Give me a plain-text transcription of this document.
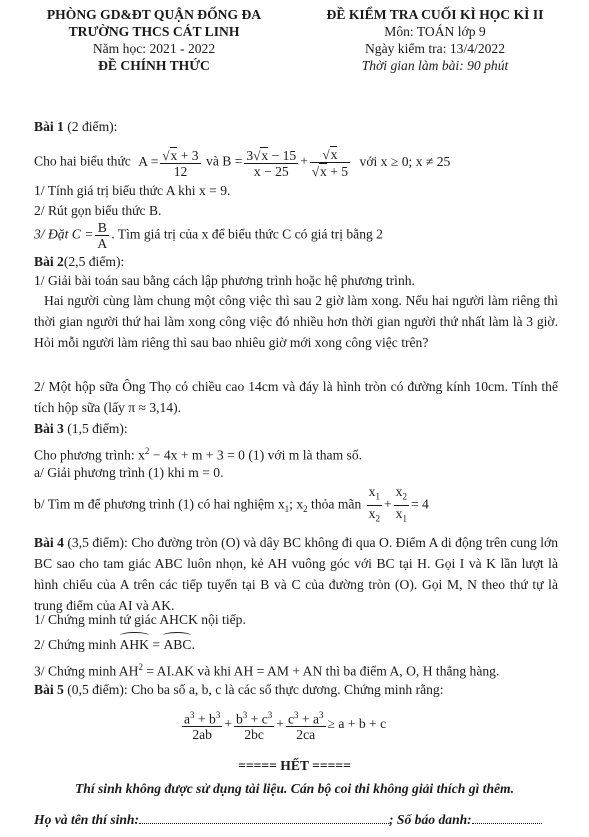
PHÒNG GD&ĐT QUẬN ĐỐNG ĐA
TRƯỜNG THCS CÁT LINH
Năm học: 2021 - 2022
ĐỀ CHÍNH THỨC
ĐỀ KIỂM TRA CUỐI KÌ HỌC KÌ II
Môn: TOÁN lớp 9
Ngày kiểm tra: 13/4/2022
Thời gian làm bài: 90 phút
Bài 1 (2 điểm):
Cho hai biểu thức $A = \frac{√x + 3}{12}$ và $B = \frac{3√x - 15}{x - 25} + \frac{√x}{√x + 5}$ với x ≥ 0; x ≠ 25
1/ Tính giá trị biểu thức A khi x = 9.
2/ Rút gọn biểu thức B.
3/ Đặt $C = \frac{B}{A}$ . Tìm giá trị của x để biểu thức C có giá trị bằng 2
Bài 2(2,5 điểm):
1/ Giải bài toán sau bằng cách lập phương trình hoặc hệ phương trình.
Hai người cùng làm chung một công việc thì sau 2 giờ làm xong. Nếu hai người làm riêng thì thời gian người thứ hai làm xong công việc đó nhiều hơn thời gian người thứ nhất làm là 3 giờ. Hỏi mỗi người làm riêng thì sau bao nhiêu giờ mới xong công việc trên?
2/ Một hộp sữa Ông Thọ có chiều cao 14cm và đáy là hình tròn có đường kính 10cm. Tính thể tích hộp sữa (lấy π ≈ 3,14).
Bài 3 (1,5 điểm):
Cho phương trình: $x^2 - 4x + m + 3 = 0$ (1) với m là tham số.
a/ Giải phương trình (1) khi m = 0.
b/ Tìm m để phương trình (1) có hai nghiệm $x_1$; $x_2$ thỏa mãn $\frac{x_1}{x_2} + \frac{x_2}{x_1} = 4$
Bài 4 (3,5 điểm): Cho đường tròn (O) và dây BC không đi qua O. Điểm A di động trên cung lớn BC sao cho tam giác ABC luôn nhọn, kẻ AH vuông góc với BC tại H. Gọi I và K lần lượt là hình chiếu của A trên các tiếp tuyến tại B và C của đường tròn (O). Gọi M, N theo thứ tự là trung điểm của AI và AK.
1/ Chứng minh tứ giác AHCK nội tiếp.
2/ Chứng minh AHK = ABC.
3/ Chứng minh $AH^2 = AI.AK$ và khi AH = AM + AN thì ba điểm A, O, H thẳng hàng.
Bài 5 (0,5 điểm): Cho ba số a, b, c là các số thực dương. Chứng minh rằng:
$\frac{a^3 + b^3}{2ab} + \frac{b^3 + c^3}{2bc} + \frac{c^3 + a^3}{2ca} \ge a + b + c$
===== HẾT =====
Thí sinh không được sử dụng tài liệu. Cán bộ coi thi không giải thích gì thêm.
Họ và tên thí sinh:	; Số báo danh:
